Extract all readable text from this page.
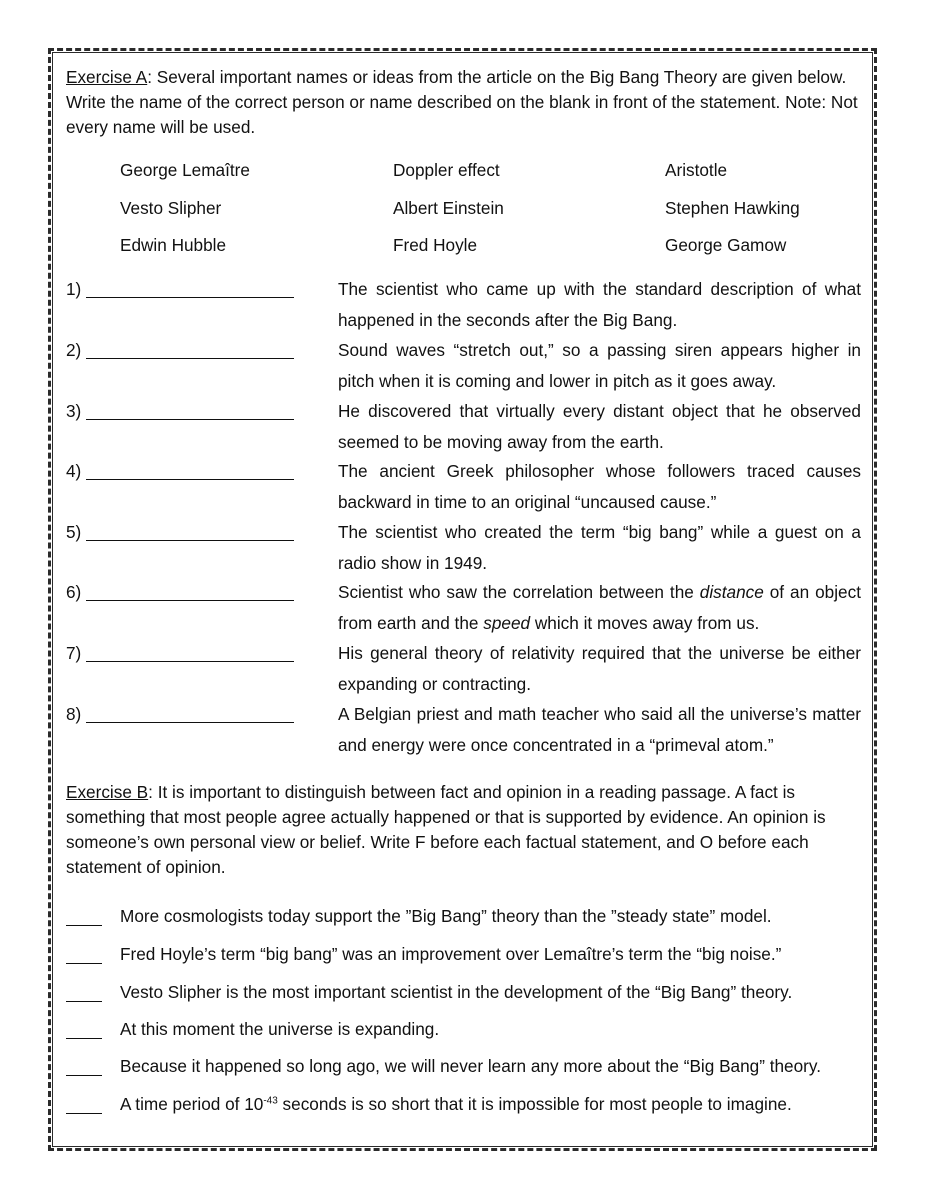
Exercise A: Several important names or ideas from the article on the Big Bang Theory are given below. Write the name of the correct person or name described on the blank in front of the statement. Note: Not every name will be used.

George Lemaître	Doppler effect	Aristotle
Vesto Slipher	Albert Einstein	Stephen Hawking
Edwin Hubble	Fred Hoyle	George Gamow
1)	The scientist who came up with the standard description of what happened in the seconds after the Big Bang.
2)	Sound waves “stretch out,” so a passing siren appears higher in pitch when it is coming and lower in pitch as it goes away.
3)	He discovered that virtually every distant object that he observed seemed to be moving away from the earth.
4)	The ancient Greek philosopher whose followers traced causes backward in time to an original “uncaused cause.”
5)	The scientist who created the term “big bang” while a guest on a radio show in 1949.
6)	Scientist who saw the correlation between the distance of an object from earth and the speed which it moves away from us.
7)	His general theory of relativity required that the universe be either expanding or contracting.
8)	A Belgian priest and math teacher who said all the universe’s matter and energy were once concentrated in a “primeval atom.”

Exercise B: It is important to distinguish between fact and opinion in a reading passage. A fact is something that most people agree actually happened or that is supported by evidence. An opinion is someone’s own personal view or belief. Write F before each factual statement, and O before each statement of opinion.

More cosmologists today support the ”Big Bang” theory than the ”steady state” model.
Fred Hoyle’s term “big bang” was an improvement over Lemaître’s term the “big noise.”
Vesto Slipher is the most important scientist in the development of the “Big Bang” theory.
At this moment the universe is expanding.
Because it happened so long ago, we will never learn any more about the “Big Bang” theory.
A time period of $10^{-43}$ seconds is so short that it is impossible for most people to imagine.
